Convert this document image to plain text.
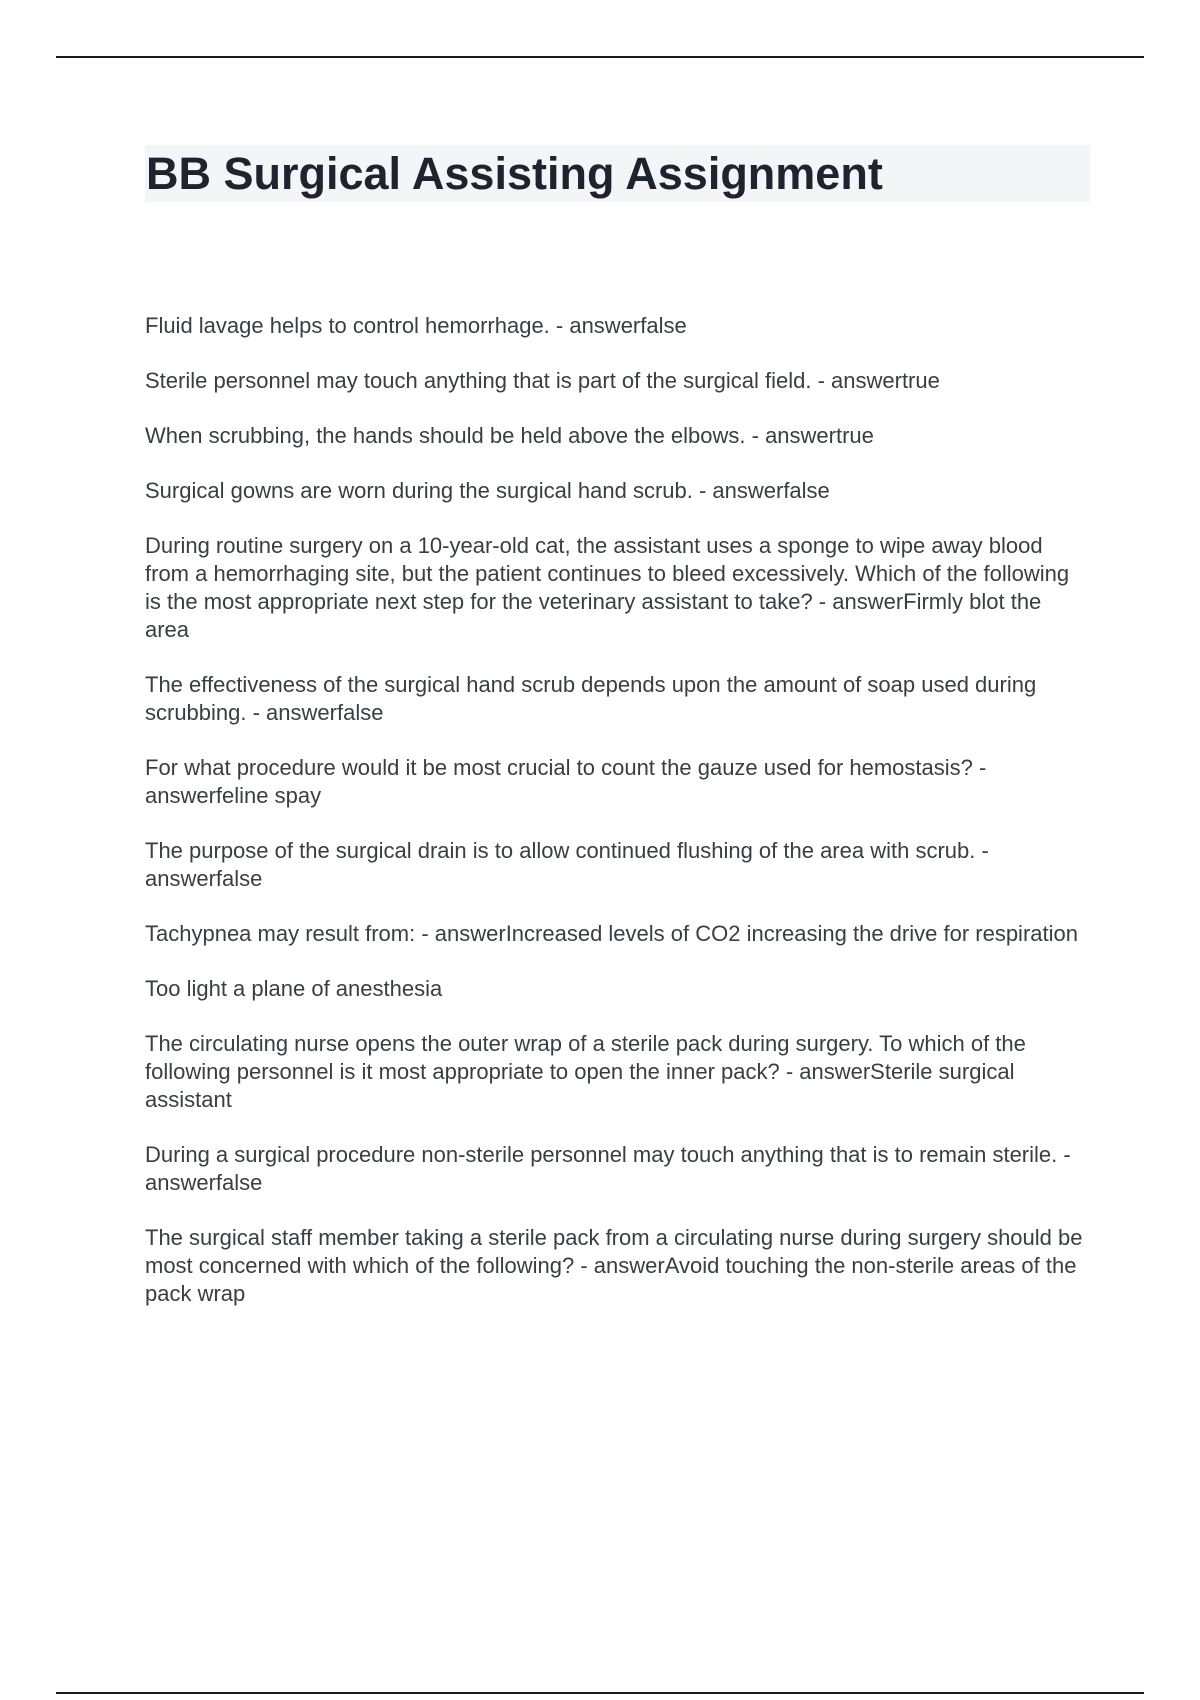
BB Surgical Assisting Assignment

Fluid lavage helps to control hemorrhage. - answerfalse

Sterile personnel may touch anything that is part of the surgical field. - answertrue

When scrubbing, the hands should be held above the elbows. - answertrue

Surgical gowns are worn during the surgical hand scrub. - answerfalse

During routine surgery on a 10-year-old cat, the assistant uses a sponge to wipe away blood from a hemorrhaging site, but the patient continues to bleed excessively. Which of the following is the most appropriate next step for the veterinary assistant to take? - answerFirmly blot the area

The effectiveness of the surgical hand scrub depends upon the amount of soap used during scrubbing. - answerfalse

For what procedure would it be most crucial to count the gauze used for hemostasis? - answerfeline spay

The purpose of the surgical drain is to allow continued flushing of the area with scrub. - answerfalse

Tachypnea may result from: - answerIncreased levels of CO2 increasing the drive for respiration

Too light a plane of anesthesia

The circulating nurse opens the outer wrap of a sterile pack during surgery. To which of the following personnel is it most appropriate to open the inner pack? - answerSterile surgical assistant

During a surgical procedure non-sterile personnel may touch anything that is to remain sterile. - answerfalse

The surgical staff member taking a sterile pack from a circulating nurse during surgery should be most concerned with which of the following? - answerAvoid touching the non-sterile areas of the pack wrap
